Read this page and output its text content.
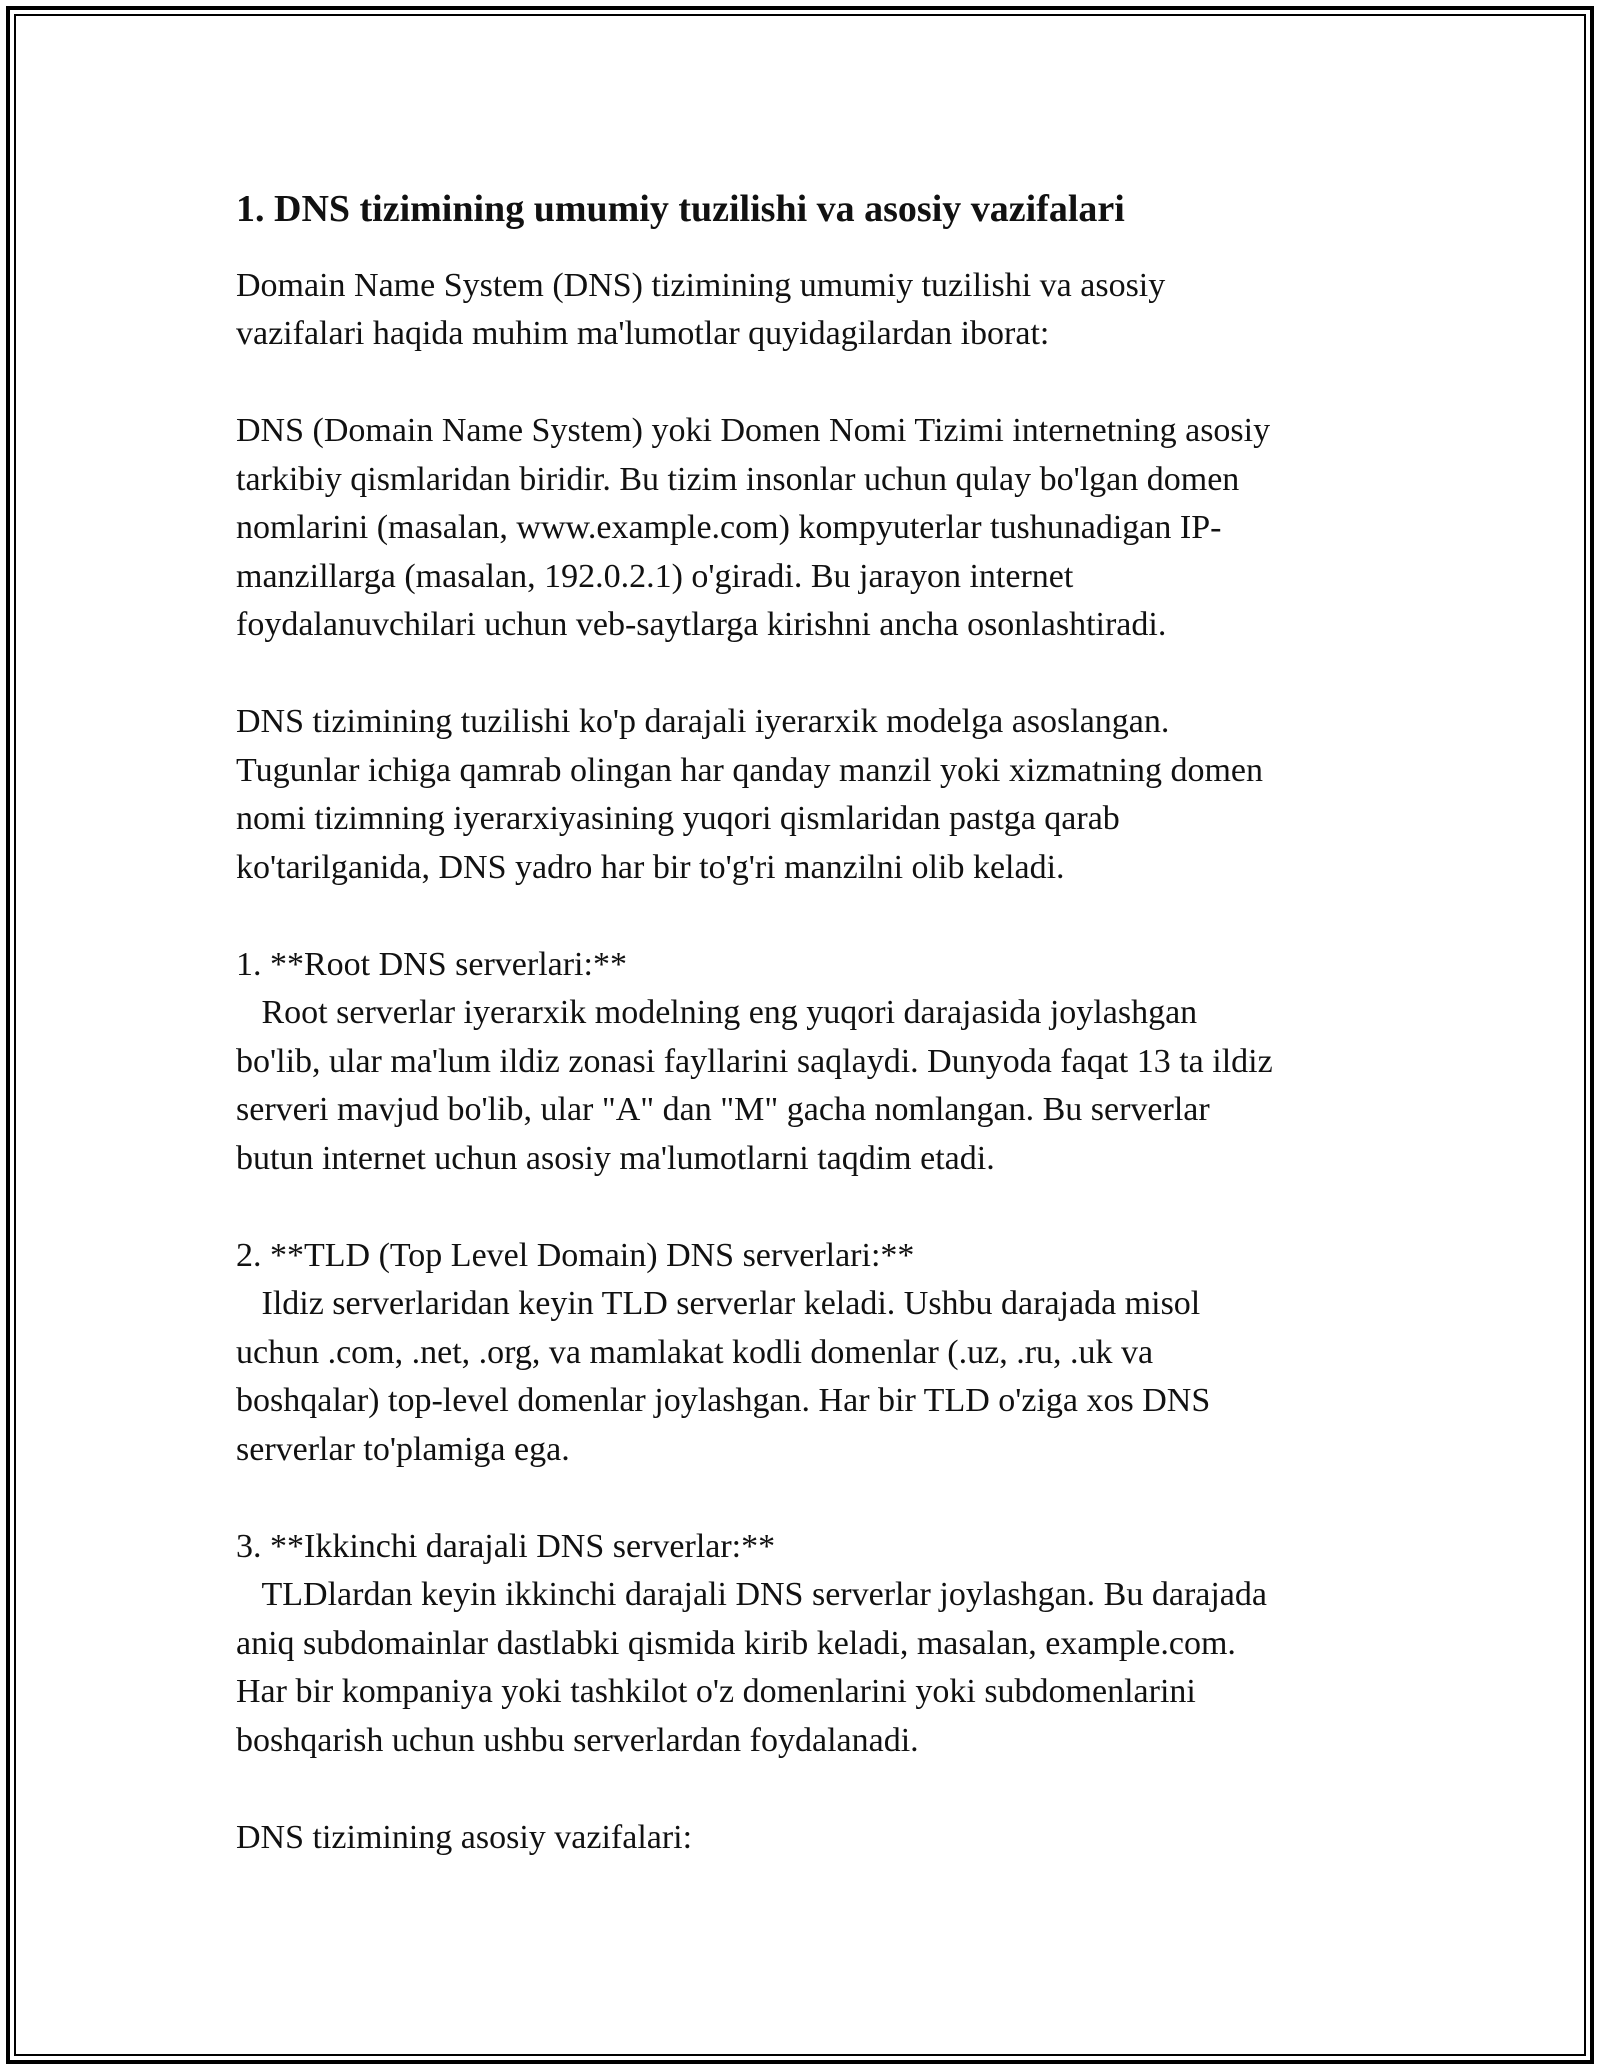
1. DNS tizimining umumiy tuzilishi va asosiy vazifalari

Domain Name System (DNS) tizimining umumiy tuzilishi va asosiy
vazifalari haqida muhim ma'lumotlar quyidagilardan iborat:

DNS (Domain Name System) yoki Domen Nomi Tizimi internetning asosiy
tarkibiy qismlaridan biridir. Bu tizim insonlar uchun qulay bo'lgan domen
nomlarini (masalan, www.example.com) kompyuterlar tushunadigan IP-
manzillarga (masalan, 192.0.2.1) o'giradi. Bu jarayon internet
foydalanuvchilari uchun veb-saytlarga kirishni ancha osonlashtiradi.

DNS tizimining tuzilishi ko'p darajali iyerarxik modelga asoslangan.
Tugunlar ichiga qamrab olingan har qanday manzil yoki xizmatning domen
nomi tizimning iyerarxiyasining yuqori qismlaridan pastga qarab
ko'tarilganida, DNS yadro har bir to'g'ri manzilni olib keladi.

1. **Root DNS serverlari:**
Root serverlar iyerarxik modelning eng yuqori darajasida joylashgan
bo'lib, ular ma'lum ildiz zonasi fayllarini saqlaydi. Dunyoda faqat 13 ta ildiz
serveri mavjud bo'lib, ular "A" dan "M" gacha nomlangan. Bu serverlar
butun internet uchun asosiy ma'lumotlarni taqdim etadi.

2. **TLD (Top Level Domain) DNS serverlari:**
Ildiz serverlaridan keyin TLD serverlar keladi. Ushbu darajada misol
uchun .com, .net, .org, va mamlakat kodli domenlar (.uz, .ru, .uk va
boshqalar) top-level domenlar joylashgan. Har bir TLD o'ziga xos DNS
serverlar to'plamiga ega.

3. **Ikkinchi darajali DNS serverlar:**
TLDlardan keyin ikkinchi darajali DNS serverlar joylashgan. Bu darajada
aniq subdomainlar dastlabki qismida kirib keladi, masalan, example.com.
Har bir kompaniya yoki tashkilot o'z domenlarini yoki subdomenlarini
boshqarish uchun ushbu serverlardan foydalanadi.

DNS tizimining asosiy vazifalari:
